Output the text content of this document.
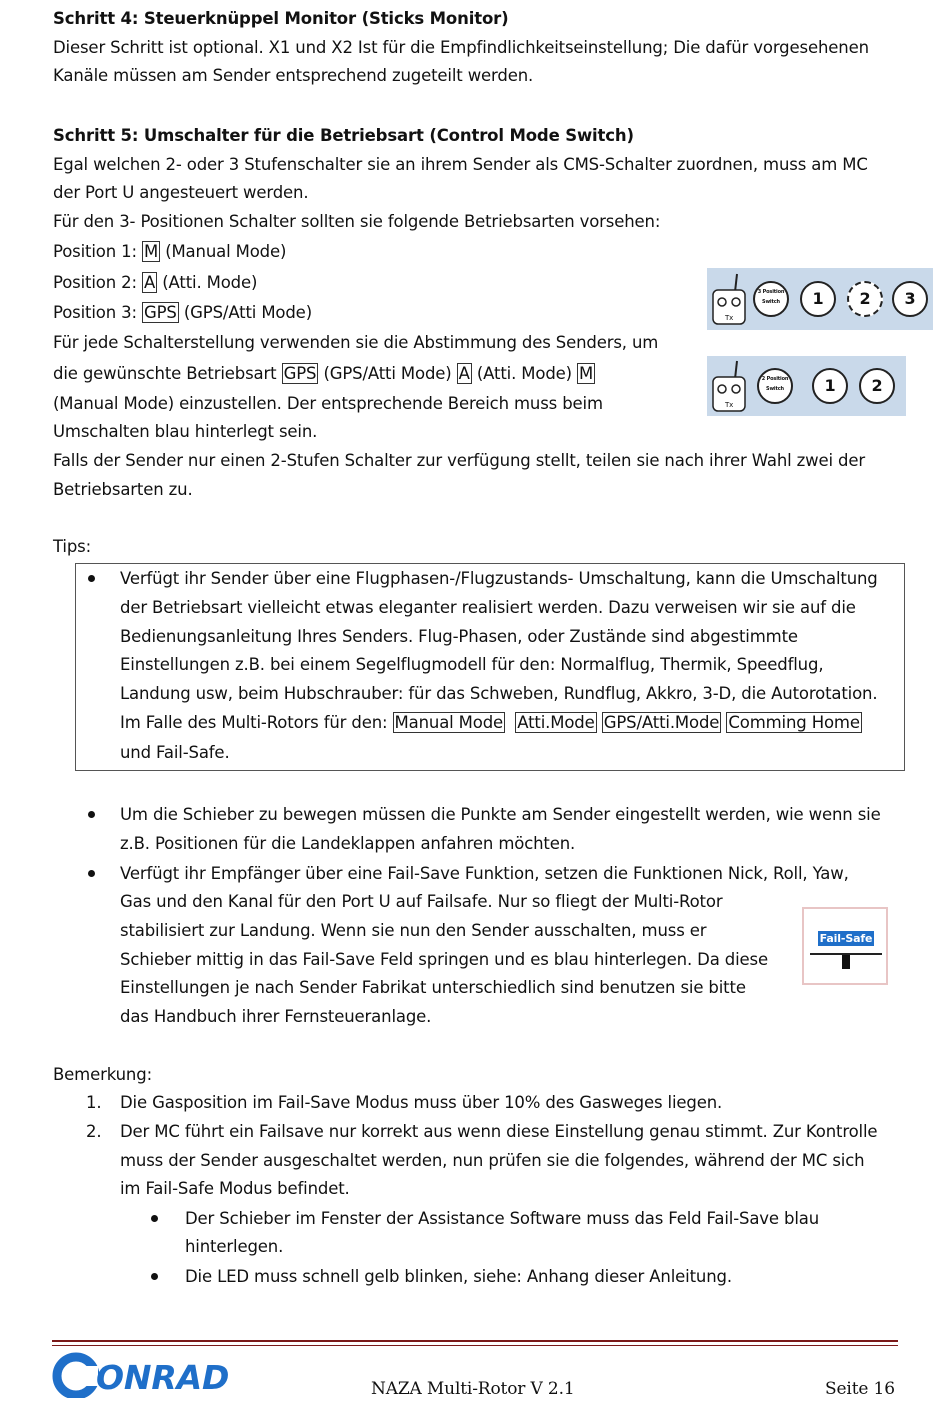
Schritt 4: Steuerknüppel Monitor (Sticks Monitor)
Dieser Schritt ist optional. X1 und X2 Ist für die Empfindlichkeitseinstellung; Die dafür vorgesehenen
Kanäle müssen am Sender entsprechend zugeteilt werden.
Schritt 5: Umschalter für die Betriebsart (Control Mode Switch)
Egal welchen 2- oder 3 Stufenschalter sie an ihrem Sender als CMS-Schalter zuordnen, muss am MC
der Port U angesteuert werden.
Für den 3- Positionen Schalter sollten sie folgende Betriebsarten vorsehen:
Position 1: M (Manual Mode)
Position 2: A (Atti. Mode)
Position 3: GPS (GPS/Atti Mode)
Für jede Schalterstellung verwenden sie die Abstimmung des Senders, um
die gewünschte Betriebsart GPS (GPS/Atti Mode) A (Atti. Mode) M
(Manual Mode) einzustellen. Der entsprechende Bereich muss beim
Umschalten blau hinterlegt sein.
Falls der Sender nur einen 2-Stufen Schalter zur verfügung stellt, teilen sie nach ihrer Wahl zwei der
Betriebsarten zu.
Tx
3 Position Switch	1	2	3
Tx
2 Position Switch	1	2
Tips:
Verfügt ihr Sender über eine Flugphasen-/Flugzustands- Umschaltung, kann die Umschaltung
der Betriebsart vielleicht etwas eleganter realisiert werden. Dazu verweisen wir sie auf die
Bedienungsanleitung Ihres Senders. Flug-Phasen, oder Zustände sind abgestimmte
Einstellungen z.B. bei einem Segelflugmodell für den: Normalflug, Thermik, Speedflug,
Landung usw, beim Hubschrauber: für das Schweben, Rundflug, Akkro, 3-D, die Autorotation.
Im Falle des Multi-Rotors für den: Manual Mode Atti.Mode GPS/Atti.Mode Comming Home
und Fail-Safe.
Um die Schieber zu bewegen müssen die Punkte am Sender eingestellt werden, wie wenn sie
z.B. Positionen für die Landeklappen anfahren möchten.
Verfügt ihr Empfänger über eine Fail-Save Funktion, setzen die Funktionen Nick, Roll, Yaw,
Gas und den Kanal für den Port U auf Failsafe. Nur so fliegt der Multi-Rotor
stabilisiert zur Landung. Wenn sie nun den Sender ausschalten, muss er
Schieber mittig in das Fail-Save Feld springen und es blau hinterlegen. Da diese
Einstellungen je nach Sender Fabrikat unterschiedlich sind benutzen sie bitte
das Handbuch ihrer Fernsteueranlage.
Fail-Safe
Bemerkung:
1. Die Gasposition im Fail-Save Modus muss über 10% des Gasweges liegen.
2. Der MC führt ein Failsave nur korrekt aus wenn diese Einstellung genau stimmt. Zur Kontrolle
muss der Sender ausgeschaltet werden, nun prüfen sie die folgendes, während der MC sich
im Fail-Safe Modus befindet.
Der Schieber im Fenster der Assistance Software muss das Feld Fail-Save blau
hinterlegen.
Die LED muss schnell gelb blinken, siehe: Anhang dieser Anleitung.
ONRAD	NAZA Multi-Rotor V 2.1	Seite 16
